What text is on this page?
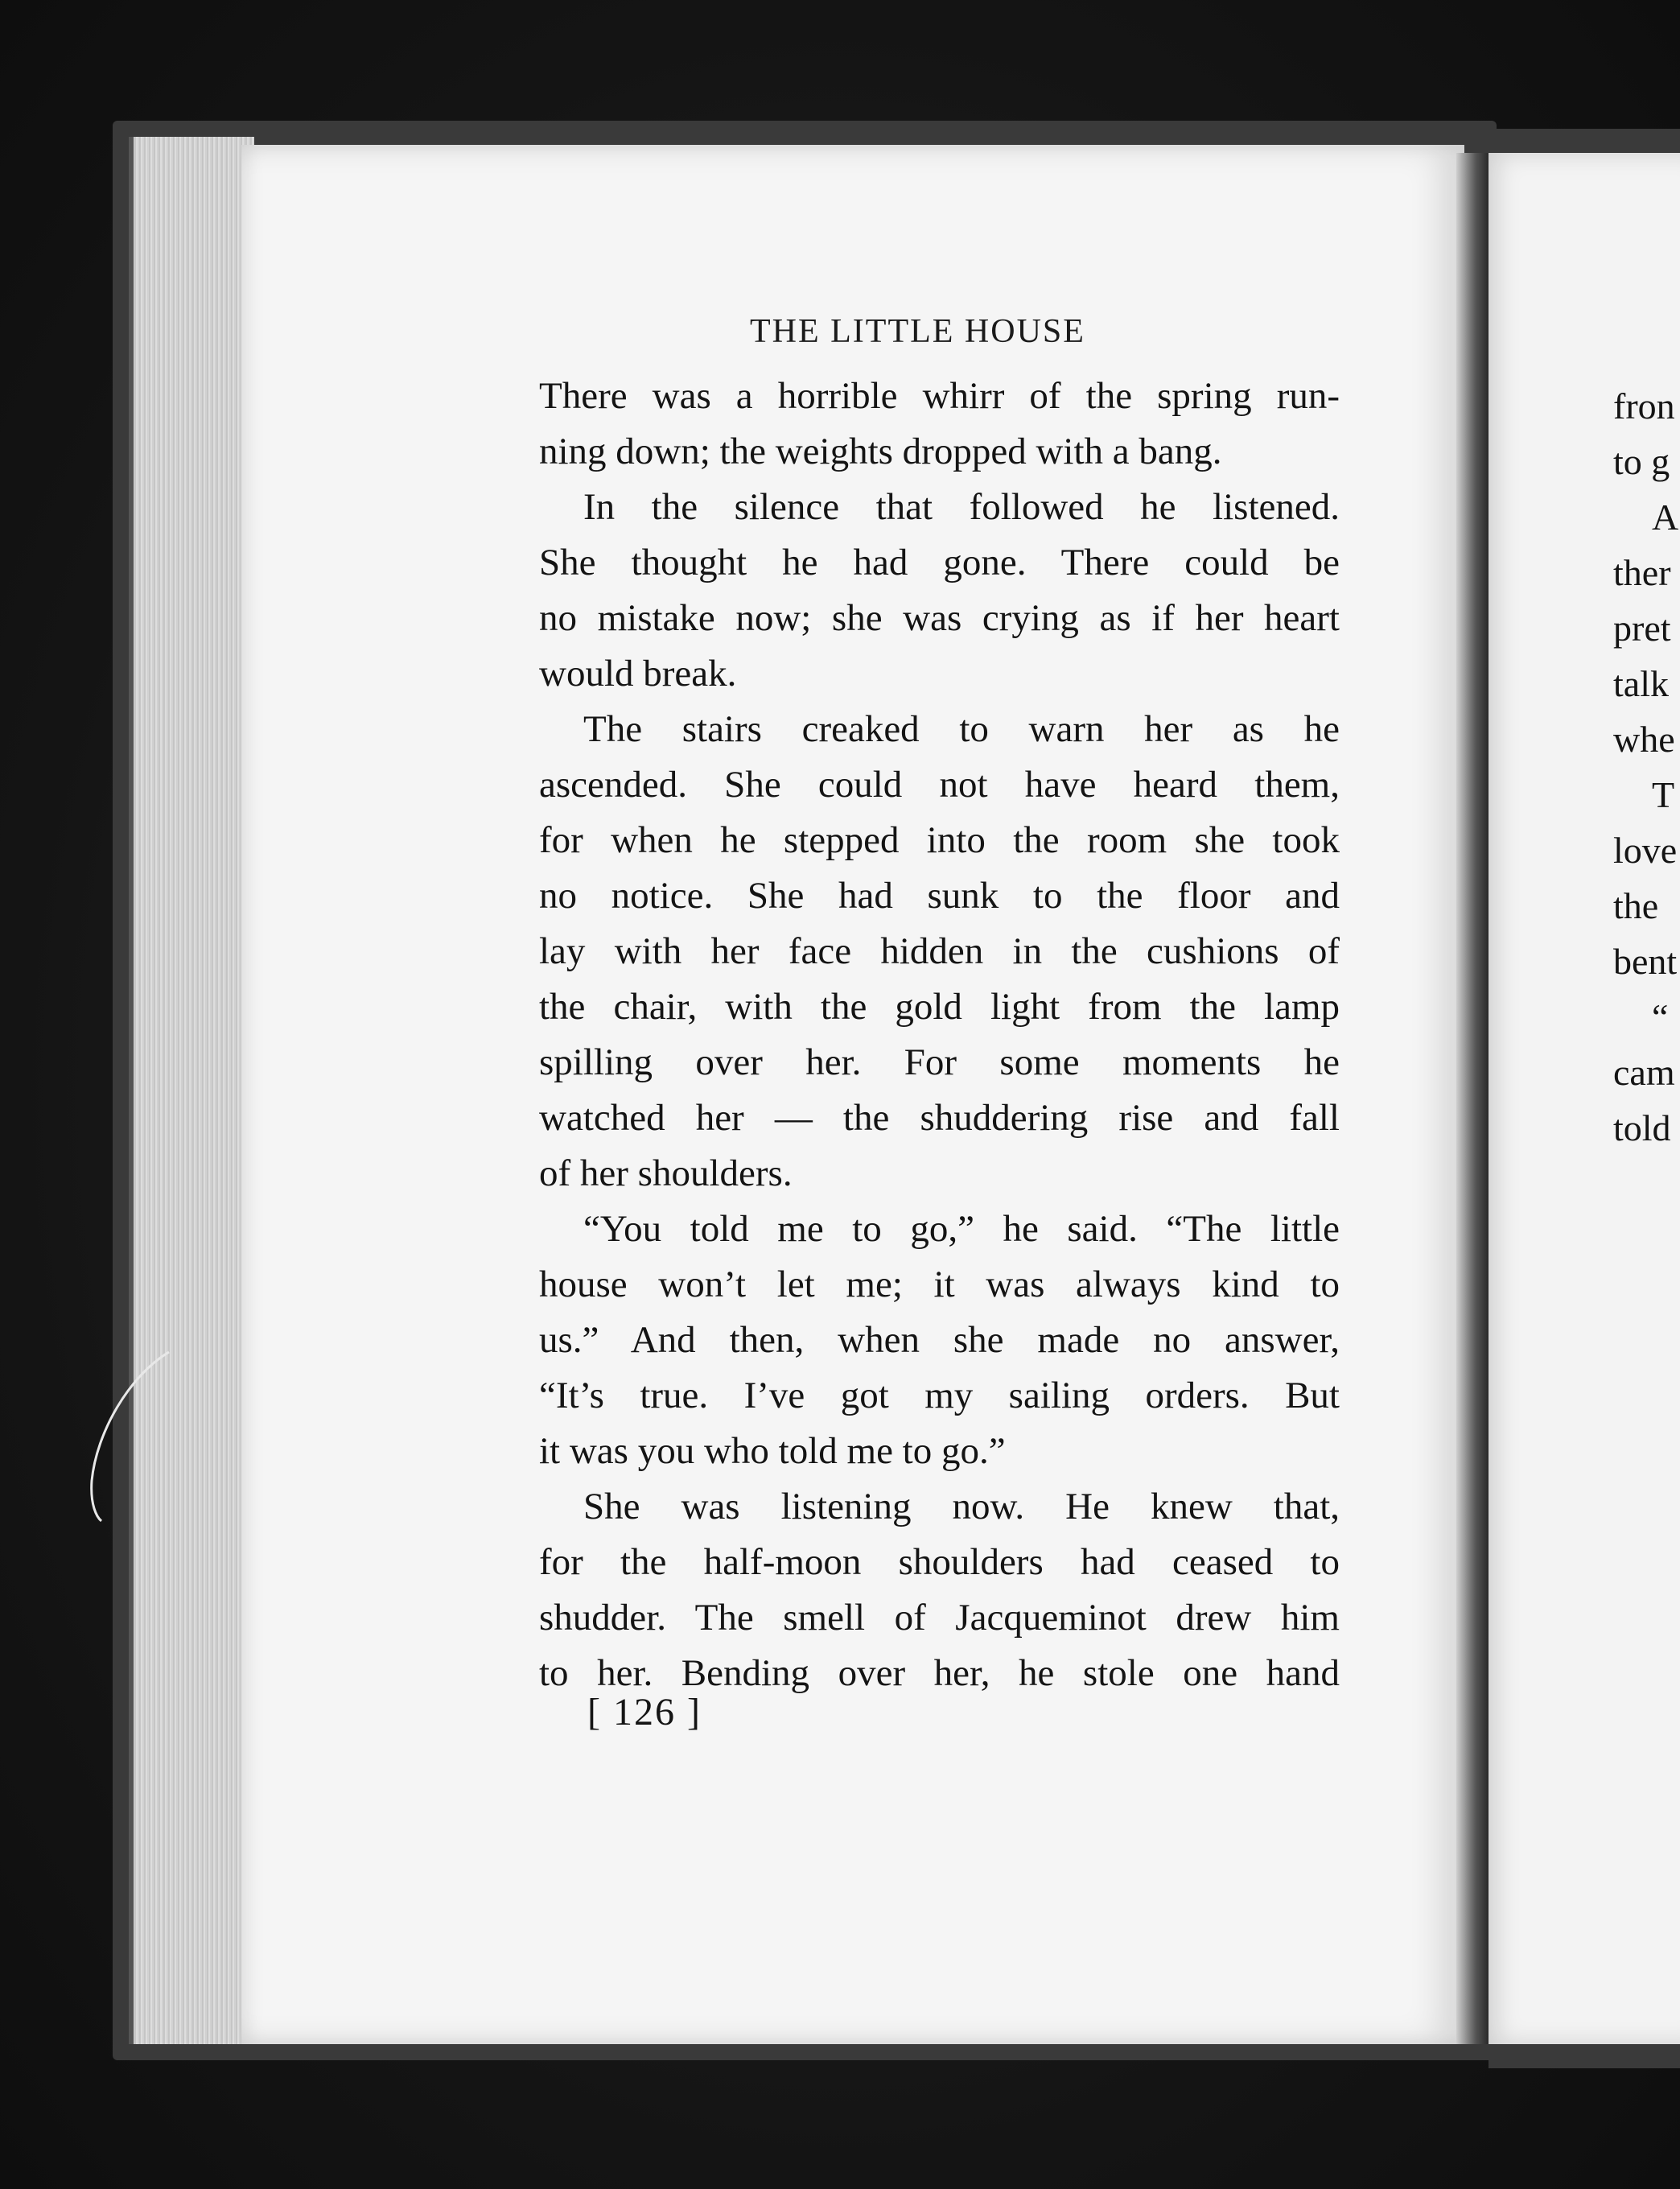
THE LITTLE HOUSE
There was a horrible whirr of the spring run-
ning down; the weights dropped with a bang.
In the silence that followed he listened.
She thought he had gone. There could be
no mistake now; she was crying as if her heart
would break.
The stairs creaked to warn her as he
ascended. She could not have heard them,
for when he stepped into the room she took
no notice. She had sunk to the floor and
lay with her face hidden in the cushions of
the chair, with the gold light from the lamp
spilling over her. For some moments he
watched her — the shuddering rise and fall
of her shoulders.
“You told me to go,” he said. “The little
house won’t let me; it was always kind to
us.” And then, when she made no answer,
“It’s true. I’ve got my sailing orders. But
it was you who told me to go.”
She was listening now. He knew that,
for the half-moon shoulders had ceased to
shudder. The smell of Jacqueminot drew him
to her. Bending over her, he stole one hand
[ 126 ]
fron
to g
A
ther
pret
talk
whe
T
love
the
bent
“
cam
told
